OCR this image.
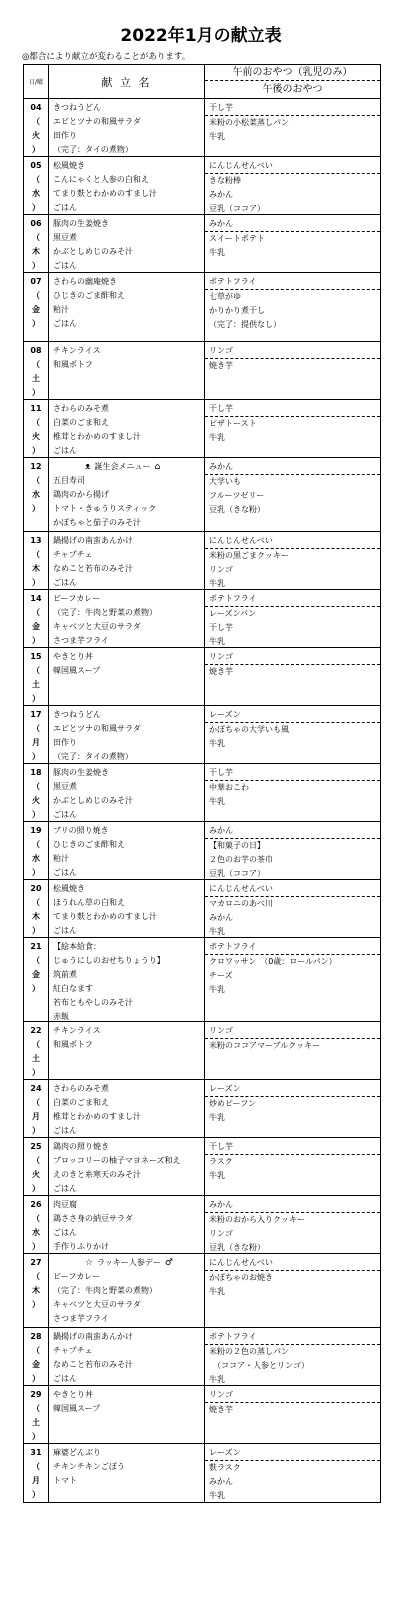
2022年1月の献立表
◎都合により献立が変わることがあります。
日/曜	献 立 名
午前のおやつ（乳児のみ）
午後のおやつ
04
（
火
）
きつねうどん
エビとツナの和風サラダ
田作り
（完了：タイの煮物）
干し芋
米粉の小松菜蒸しパン
牛乳
05
（
水
）
松風焼き
こんにゃくと人参の白和え
てまり麩とわかめのすまし汁
ごはん
にんじんせんべい
きな粉棒
みかん
豆乳（ココア）
06
（
木
）
豚肉の生姜焼き
黒豆煮
かぶとしめじのみそ汁
ごはん
みかん
スイートポテト
牛乳
07
（
金
）
さわらの幽庵焼き
ひじきのごま酢和え
粕汁
ごはん
ポテトフライ
七草がゆ
かりかり煮干し
（完了：提供なし）
08
（
土
）
チキンライス
和風ポトフ
リンゴ
焼き芋
11
（
火
）
さわらのみそ煮
白菜のごま和え
椎茸とわかめのすまし汁
ごはん
干し芋
ピザトースト
牛乳
12
（
水
）
ᴥ 誕生会メニュー ⌂
五目寿司
鶏肉のから揚げ
トマト・きゅうりスティック
かぼちゃと茄子のみそ汁
みかん
大学いも
フルーツゼリー
豆乳（きな粉）
13
（
木
）
鍋揚げの南蛮あんかけ
チャプチェ
なめこと若布のみそ汁
ごはん
にんじんせんべい
米粉の黒ごまクッキー
リンゴ
牛乳
14
（
金
）
ビーフカレー
（完了：牛肉と野菜の煮物）
キャベツと大豆のサラダ
さつま芋フライ
ポテトフライ
レーズンパン
干し芋
牛乳
15
（
土
）
やきとり丼
韓国風スープ
リンゴ
焼き芋
17
（
月
）
きつねうどん
エビとツナの和風サラダ
田作り
（完了：タイの煮物）
レーズン
かぼちゃの大学いも風
牛乳
18
（
火
）
豚肉の生姜焼き
黒豆煮
かぶとしめじのみそ汁
ごはん
干し芋
中華おこわ
牛乳
19
（
水
）
ブリの照り焼き
ひじきのごま酢和え
粕汁
ごはん
みかん
【和菓子の日】
２色のお芋の茶巾
豆乳（ココア）
20
（
木
）
松風焼き
ほうれん草の白和え
てまり麩とわかめのすまし汁
ごはん
にんじんせんべい
マカロニのあべ川
みかん
牛乳
21
（
金
）
【絵本給食：
じゅうにしのおせちりょうり】
筑前煮
紅白なます
若布ともやしのみそ汁
赤飯
ポテトフライ
クロワッサン　（0歳：ロールパン）
チーズ
牛乳
22
（
土
）
チキンライス
和風ポトフ
リンゴ
米粉のココアマーブルクッキー
24
（
月
）
さわらのみそ煮
白菜のごま和え
椎茸とわかめのすまし汁
ごはん
レーズン
炒めビーフン
牛乳
25
（
火
）
鶏肉の照り焼き
ブロッコリーの柚子マヨネーズ和え
えのきと糸寒天のみそ汁
ごはん
干し芋
ラスク
牛乳
26
（
水
）
肉豆腐
鶏ささ身の納豆サラダ
ごはん
手作りふりかけ
みかん
米粉のおから入りクッキー
リンゴ
豆乳（きな粉）
27
（
木
）
☆ ラッキー人参デー ♂
ビーフカレー
（完了：牛肉と野菜の煮物）
キャベツと大豆のサラダ
さつま芋フライ
にんじんせんべい
かぼちゃのお焼き
牛乳
28
（
金
）
鍋揚げの南蛮あんかけ
チャプチェ
なめこと若布のみそ汁
ごはん
ポテトフライ
米粉の２色の蒸しパン
　（ココア・人参とリンゴ）
牛乳
29
（
土
）
やきとり丼
韓国風スープ
リンゴ
焼き芋
31
（
月
）
麻婆どんぶり
チキンチキンごぼう
トマト
レーズン
麩ラスク
みかん
牛乳
